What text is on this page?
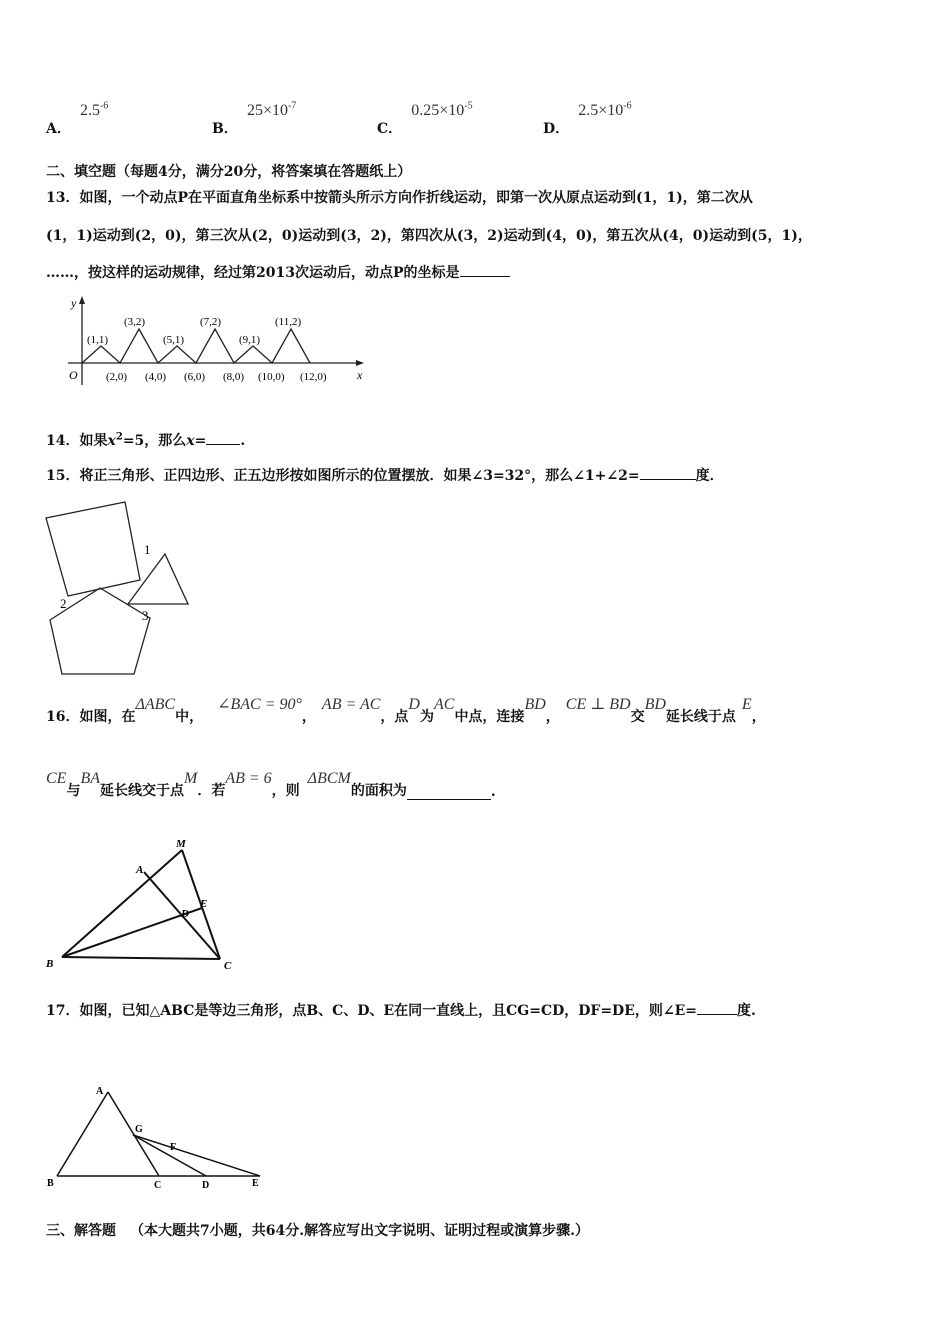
A． $2.5^{-6}$
B． $25\times 10^{-7}$
C． $0.25\times 10^{-5}$
D． $2.5\times 10^{-6}$
二、填空题（每题4分，满分20分，将答案填在答题纸上）
13．如图，一个动点P在平面直角坐标系中按箭头所示方向作折线运动，即第一次从原点运动到(1，1)，第二次从
(1，1)运动到(2，0)，第三次从(2，0)运动到(3，2)，第四次从(3，2)运动到(4，0)，第五次从(4，0)运动到(5，1)，
……，按这样的运动规律，经过第2013次运动后，动点P的坐标是
y
x
O
(1,1)
(3,2)
(5,1)
(7,2)
(9,1)
(11,2)
(2,0) (4,0) (6,0) (8,0) (10,0) (12,0)
14．如果$x^2=5$，那么x= .
15．将正三角形、正四边形、正五边形按如图所示的位置摆放．如果∠3=32°，那么∠1+∠2=	度．
1
2
3
16．如图，在
ΔABC
中，
∠BAC = 90°
，
AB = AC
，点
D
为
AC
中点，连接
BD
，
CE ⊥ BD
交
BD
延长线于点
E
，
CE
与
BA
延长线交于点
M
．若
AB = 6
，则
ΔBCM
的面积为	.
M
A
E
D
B	C
17．如图，已知△ABC是等边三角形，点B、C、D、E在同一直线上，且CG=CD，DF=DE，则∠E=	度.
A
G
F
B	C	D	E
三、解答题 （本大题共7小题，共64分.解答应写出文字说明、证明过程或演算步骤.）
